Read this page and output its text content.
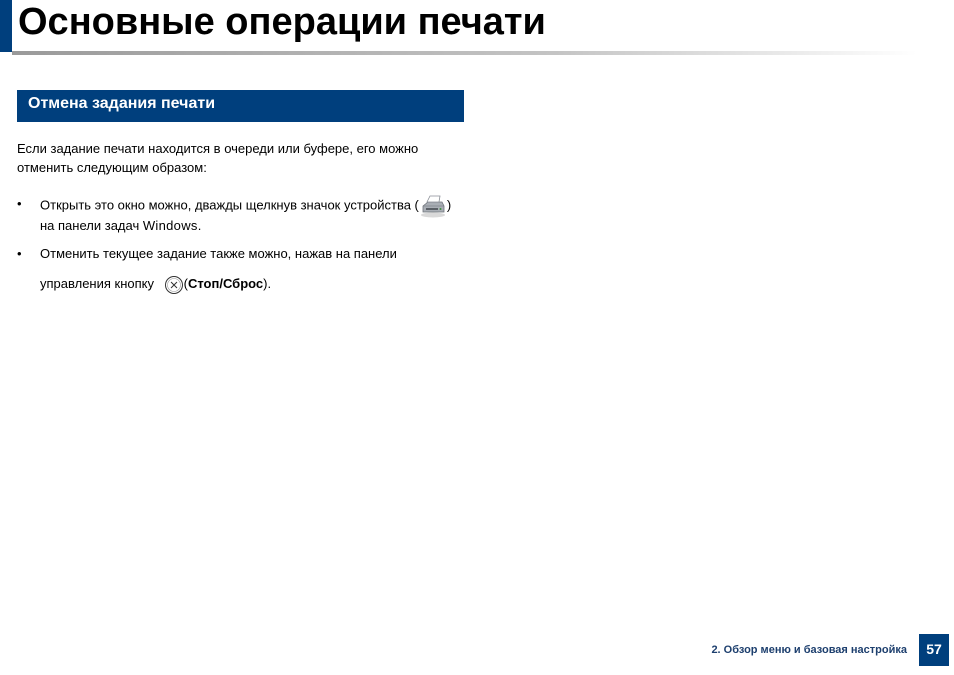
Основные операции печати
Отмена задания печати
Если задание печати находится в очереди или буфере, его можно
отменить следующим образом:
•	Открыть это окно можно, дважды щелкнув значок устройства ( )
на панели задач Windows.
•	Отменить текущее задание также можно, нажав на панели
управления кнопку (Стоп/Сброс).
2. Обзор меню и базовая настройка	57
